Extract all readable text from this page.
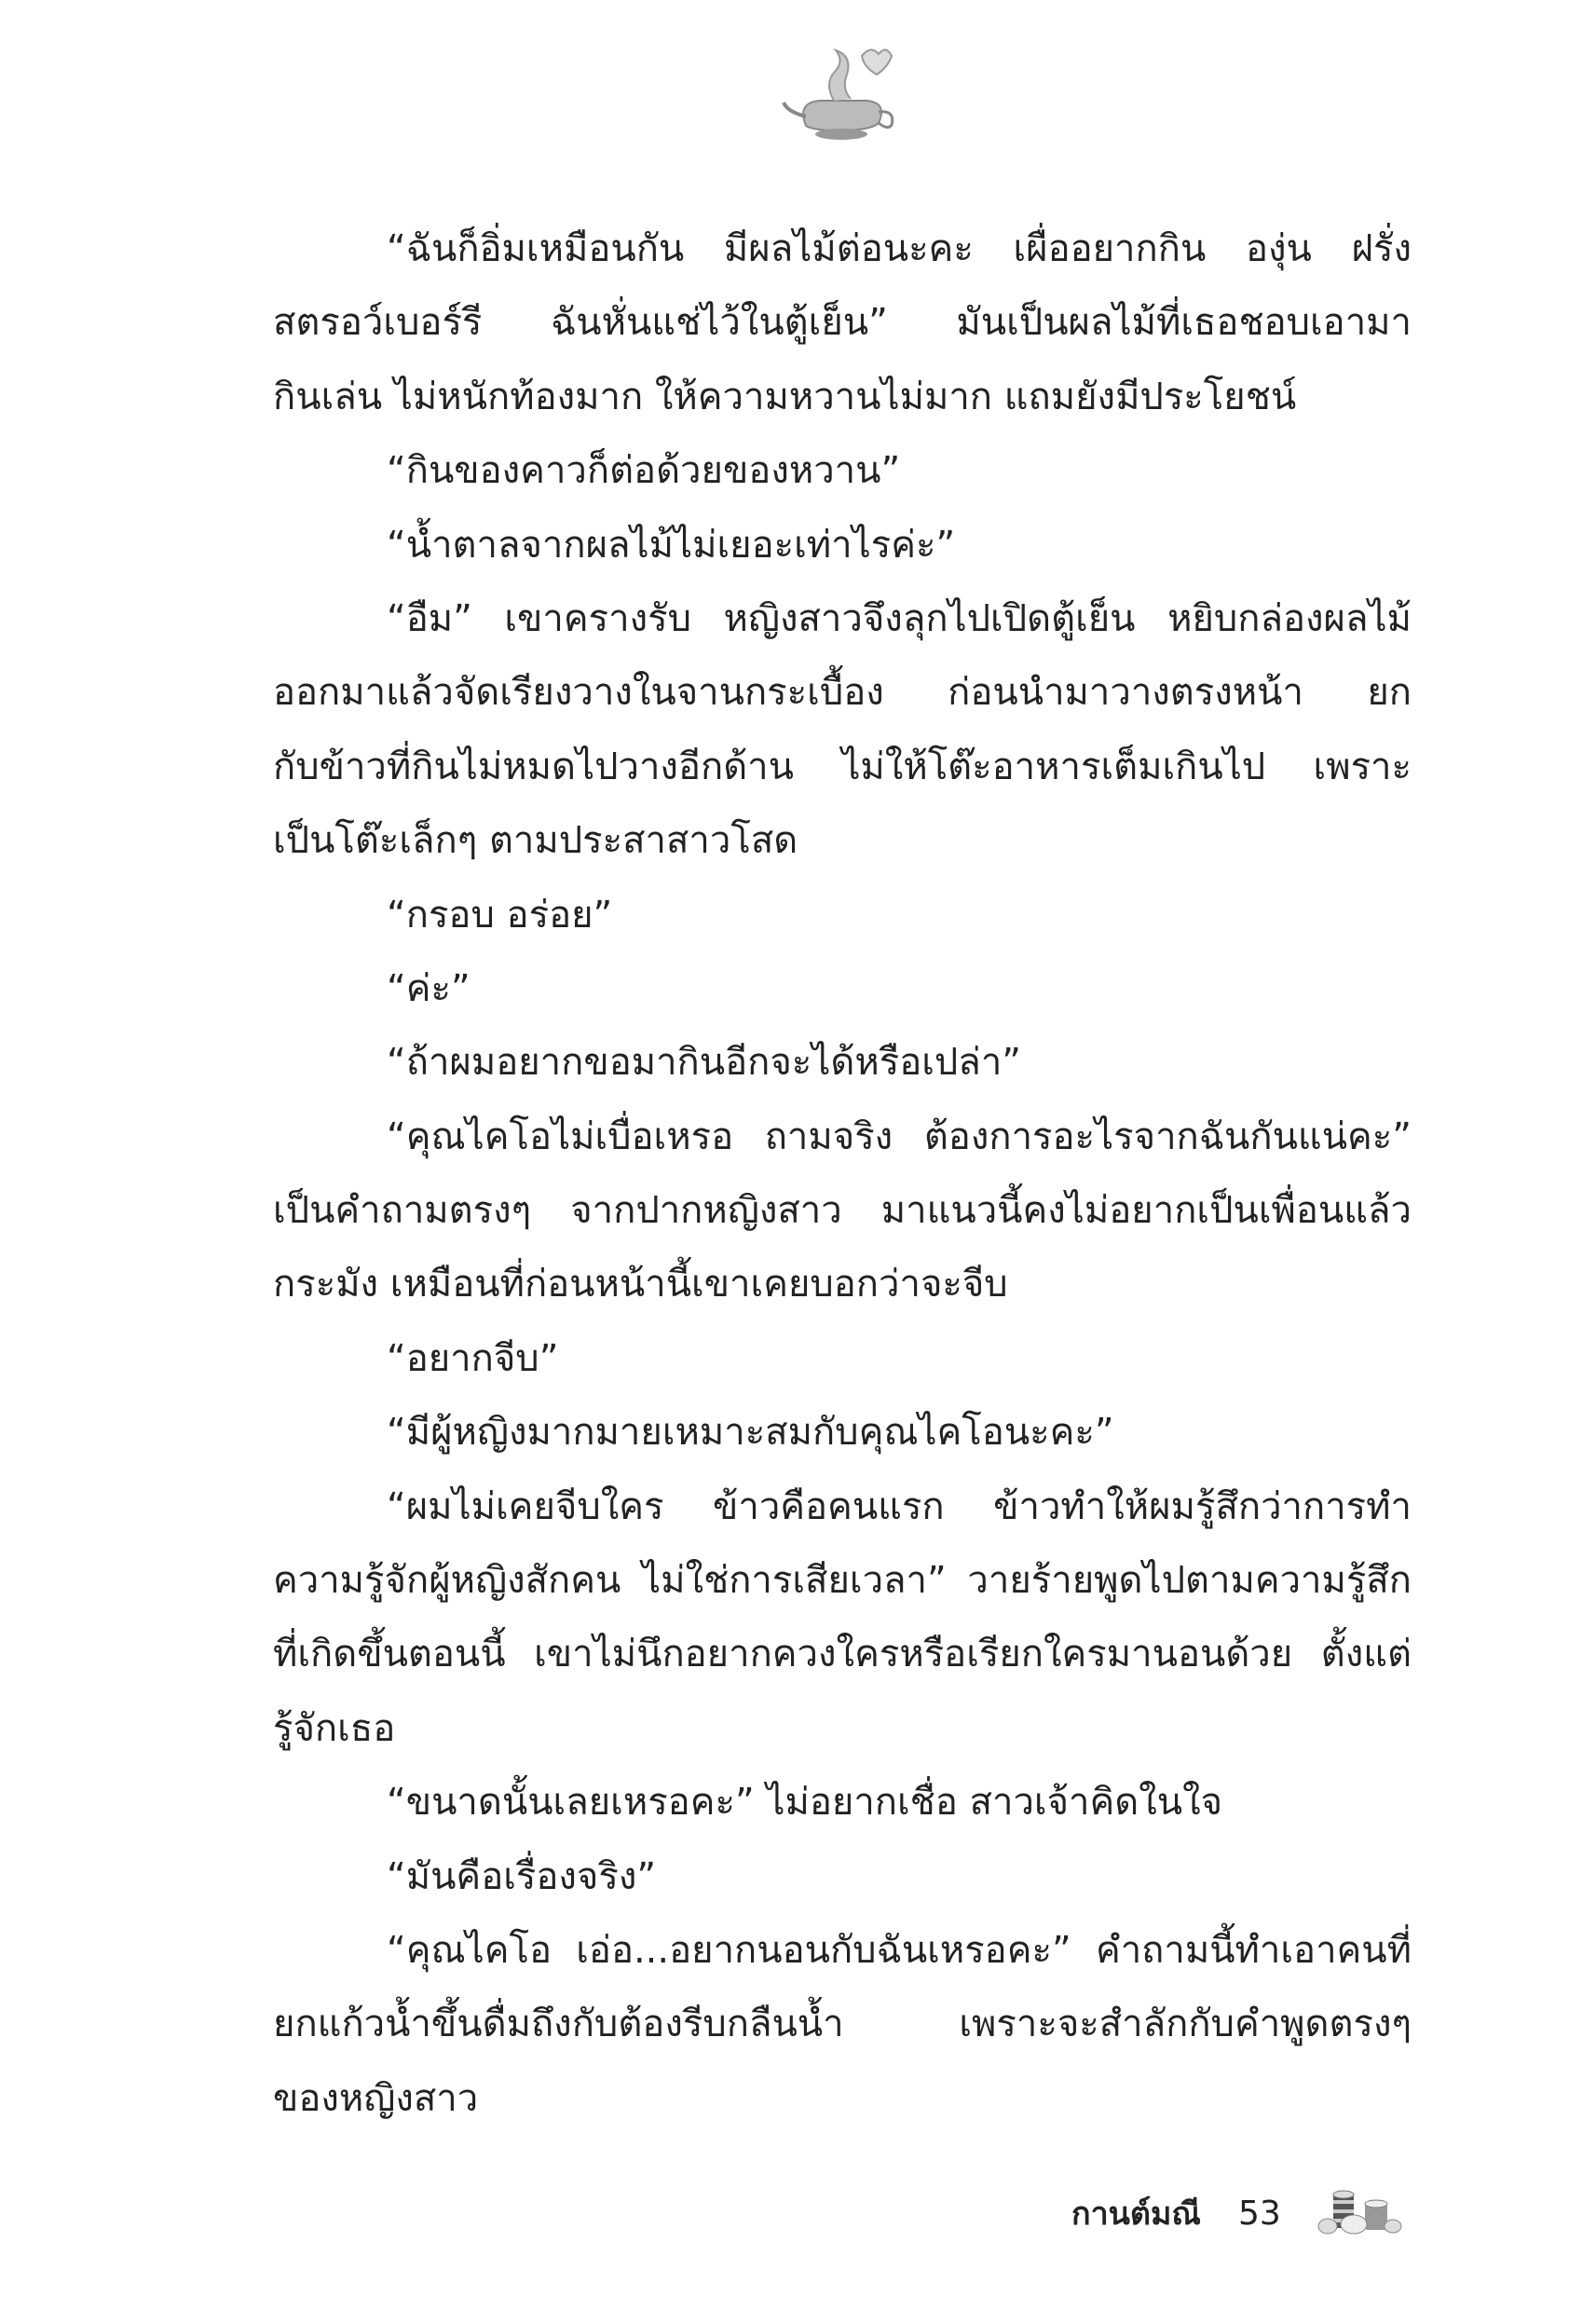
“ฉันก็อิ่มเหมือนกัน มีผลไม้ต่อนะคะ เผื่ออยากกิน องุ่น ฝรั่ง
สตรอว์เบอร์รี ฉันหั่นแช่ไว้ในตู้เย็น” มันเป็นผลไม้ที่เธอชอบเอามา
กินเล่น ไม่หนักท้องมาก ให้ความหวานไม่มาก แถมยังมีประโยชน์
“กินของคาวก็ต่อด้วยของหวาน”
“น้ำตาลจากผลไม้ไม่เยอะเท่าไรค่ะ”
“อืม” เขาครางรับ หญิงสาวจึงลุกไปเปิดตู้เย็น หยิบกล่องผลไม้
ออกมาแล้วจัดเรียงวางในจานกระเบื้อง ก่อนนำมาวางตรงหน้า ยก
กับข้าวที่กินไม่หมดไปวางอีกด้าน ไม่ให้โต๊ะอาหารเต็มเกินไป เพราะ
เป็นโต๊ะเล็กๆ ตามประสาสาวโสด
“กรอบ อร่อย”
“ค่ะ”
“ถ้าผมอยากขอมากินอีกจะได้หรือเปล่า”
“คุณไคโอไม่เบื่อเหรอ ถามจริง ต้องการอะไรจากฉันกันแน่คะ”
เป็นคำถามตรงๆ จากปากหญิงสาว มาแนวนี้คงไม่อยากเป็นเพื่อนแล้ว
กระมัง เหมือนที่ก่อนหน้านี้เขาเคยบอกว่าจะจีบ
“อยากจีบ”
“มีผู้หญิงมากมายเหมาะสมกับคุณไคโอนะคะ”
“ผมไม่เคยจีบใคร ข้าวคือคนแรก ข้าวทำให้ผมรู้สึกว่าการทำ
ความรู้จักผู้หญิงสักคน ไม่ใช่การเสียเวลา” วายร้ายพูดไปตามความรู้สึก
ที่เกิดขึ้นตอนนี้ เขาไม่นึกอยากควงใครหรือเรียกใครมานอนด้วย ตั้งแต่
รู้จักเธอ
“ขนาดนั้นเลยเหรอคะ” ไม่อยากเชื่อ สาวเจ้าคิดในใจ
“มันคือเรื่องจริง”
“คุณไคโอ เอ่อ...อยากนอนกับฉันเหรอคะ” คำถามนี้ทำเอาคนที่
ยกแก้วน้ำขึ้นดื่มถึงกับต้องรีบกลืนน้ำ เพราะจะสำลักกับคำพูดตรงๆ
ของหญิงสาว
กานต์มณี 53
